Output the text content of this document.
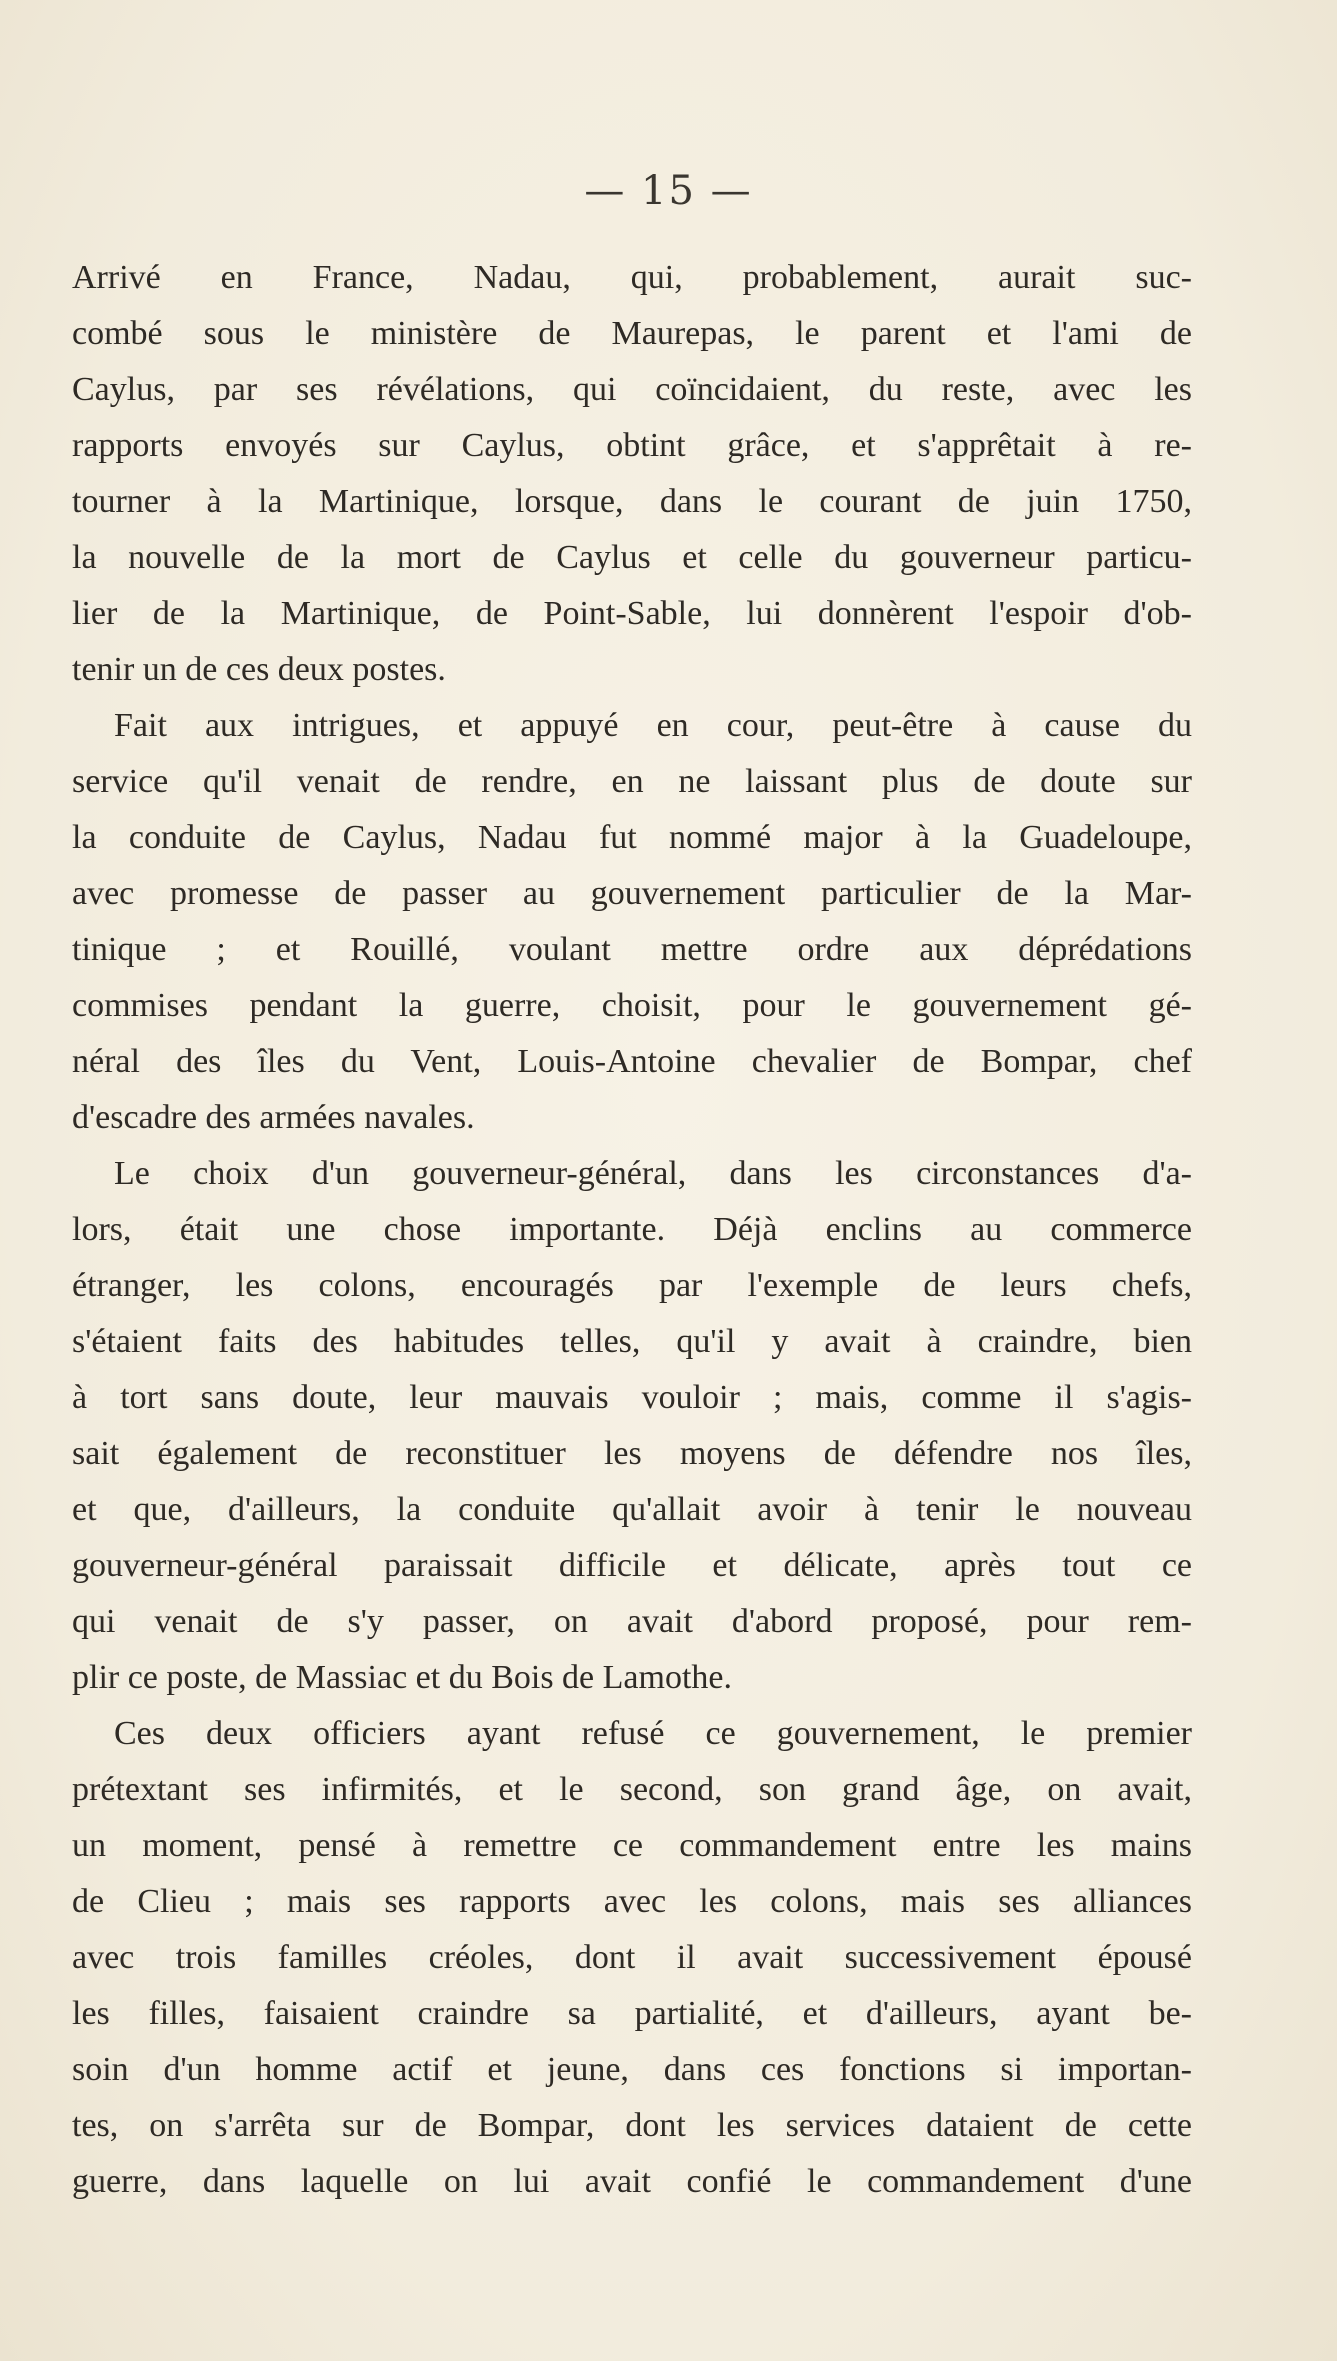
— 15 —
Arrivé en France, Nadau, qui, probablement, aurait suc-
combé sous le ministère de Maurepas, le parent et l'ami de
Caylus, par ses révélations, qui coïncidaient, du reste, avec les
rapports envoyés sur Caylus, obtint grâce, et s'apprêtait à re-
tourner à la Martinique, lorsque, dans le courant de juin 1750,
la nouvelle de la mort de Caylus et celle du gouverneur particu-
lier de la Martinique, de Point-Sable, lui donnèrent l'espoir d'ob-
tenir un de ces deux postes.
Fait aux intrigues, et appuyé en cour, peut-être à cause du
service qu'il venait de rendre, en ne laissant plus de doute sur
la conduite de Caylus, Nadau fut nommé major à la Guadeloupe,
avec promesse de passer au gouvernement particulier de la Mar-
tinique ; et Rouillé, voulant mettre ordre aux déprédations
commises pendant la guerre, choisit, pour le gouvernement gé-
néral des îles du Vent, Louis-Antoine chevalier de Bompar, chef
d'escadre des armées navales.
Le choix d'un gouverneur-général, dans les circonstances d'a-
lors, était une chose importante. Déjà enclins au commerce
étranger, les colons, encouragés par l'exemple de leurs chefs,
s'étaient faits des habitudes telles, qu'il y avait à craindre, bien
à tort sans doute, leur mauvais vouloir ; mais, comme il s'agis-
sait également de reconstituer les moyens de défendre nos îles,
et que, d'ailleurs, la conduite qu'allait avoir à tenir le nouveau
gouverneur-général paraissait difficile et délicate, après tout ce
qui venait de s'y passer, on avait d'abord proposé, pour rem-
plir ce poste, de Massiac et du Bois de Lamothe.
Ces deux officiers ayant refusé ce gouvernement, le premier
prétextant ses infirmités, et le second, son grand âge, on avait,
un moment, pensé à remettre ce commandement entre les mains
de Clieu ; mais ses rapports avec les colons, mais ses alliances
avec trois familles créoles, dont il avait successivement épousé
les filles, faisaient craindre sa partialité, et d'ailleurs, ayant be-
soin d'un homme actif et jeune, dans ces fonctions si importan-
tes, on s'arrêta sur de Bompar, dont les services dataient de cette
guerre, dans laquelle on lui avait confié le commandement d'une
